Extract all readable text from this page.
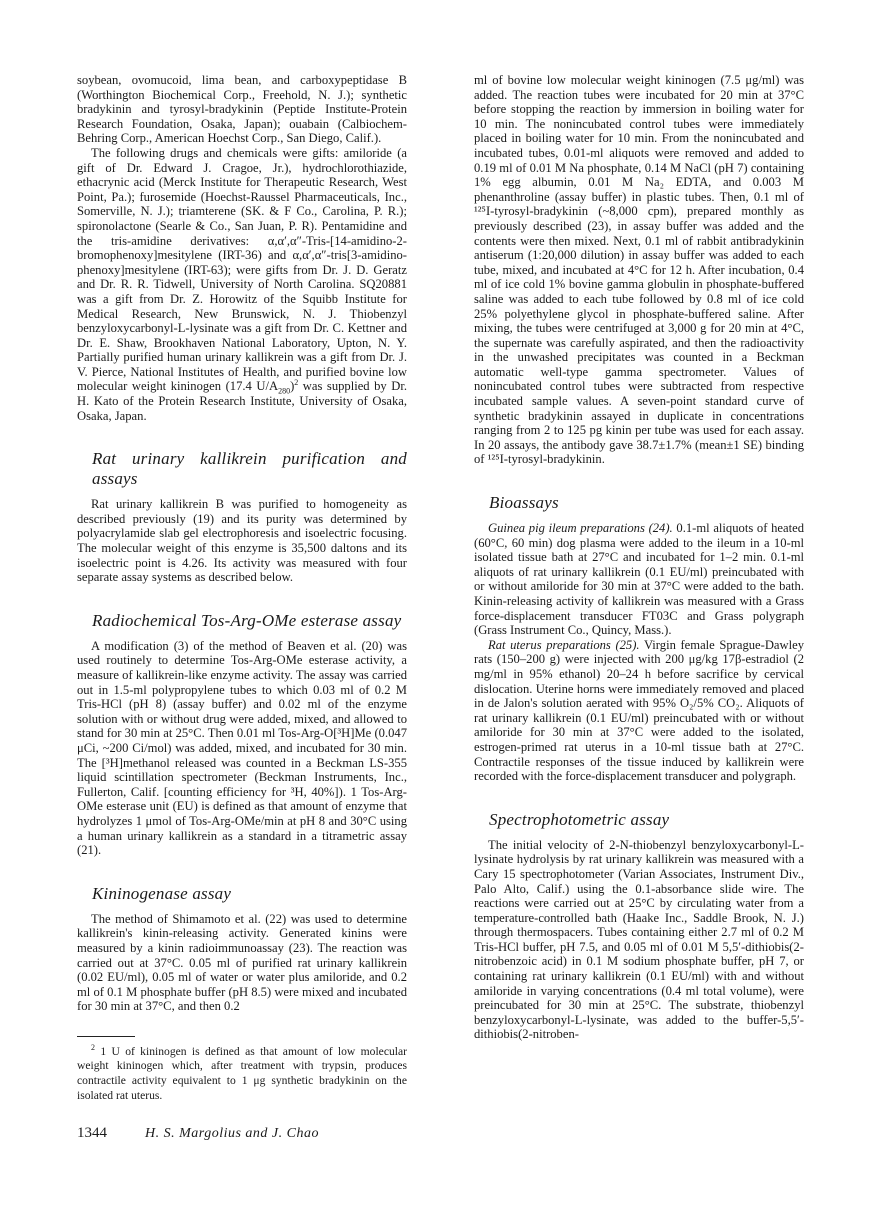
soybean, ovomucoid, lima bean, and carboxypeptidase B (Worthington Biochemical Corp., Freehold, N. J.); synthetic bradykinin and tyrosyl-bradykinin (Peptide Institute-Protein Research Foundation, Osaka, Japan); ouabain (Calbiochem-Behring Corp., American Hoechst Corp., San Diego, Calif.).

The following drugs and chemicals were gifts: amiloride (a gift of Dr. Edward J. Cragoe, Jr.), hydrochlorothiazide, ethacrynic acid (Merck Institute for Therapeutic Research, West Point, Pa.); furosemide (Hoechst-Raussel Pharmaceuticals, Inc., Somerville, N. J.); triamterene (SK. & F Co., Carolina, P. R.); spironolactone (Searle & Co., San Juan, P. R). Pentamidine and the tris-amidine derivatives: α,α′,α″-Tris-[14-amidino-2-bromophenoxy]mesitylene (IRT-36) and α,α′,α″-tris[3-amidino-phenoxy]mesitylene (IRT-63); were gifts from Dr. J. D. Geratz and Dr. R. R. Tidwell, University of North Carolina. SQ20881 was a gift from Dr. Z. Horowitz of the Squibb Institute for Medical Research, New Brunswick, N. J. Thiobenzyl benzyloxycarbonyl-L-lysinate was a gift from Dr. C. Kettner and Dr. E. Shaw, Brookhaven National Laboratory, Upton, N. Y. Partially purified human urinary kallikrein was a gift from Dr. J. V. Pierce, National Institutes of Health, and purified bovine low molecular weight kininogen (17.4 $U/A_{280})^2$ was supplied by Dr. H. Kato of the Protein Research Institute, University of Osaka, Osaka, Japan.

Rat urinary kallikrein purification and assays

Rat urinary kallikrein B was purified to homogeneity as described previously (19) and its purity was determined by polyacrylamide slab gel electrophoresis and isoelectric focusing. The molecular weight of this enzyme is 35,500 daltons and its isoelectric point is 4.26. Its activity was measured with four separate assay systems as described below.

Radiochemical Tos-Arg-OMe esterase assay

A modification (3) of the method of Beaven et al. (20) was used routinely to determine Tos-Arg-OMe esterase activity, a measure of kallikrein-like enzyme activity. The assay was carried out in 1.5-ml polypropylene tubes to which 0.03 ml of 0.2 M Tris-HCl (pH 8) (assay buffer) and 0.02 ml of the enzyme solution with or without drug were added, mixed, and allowed to stand for 30 min at 25°C. Then 0.01 ml Tos-Arg-O[³H]Me (0.047 μCi, ~200 Ci/mol) was added, mixed, and incubated for 30 min. The [³H]methanol released was counted in a Beckman LS-355 liquid scintillation spectrometer (Beckman Instruments, Inc., Fullerton, Calif. [counting efficiency for ³H, 40%]). 1 Tos-Arg-OMe esterase unit (EU) is defined as that amount of enzyme that hydrolyzes 1 μmol of Tos-Arg-OMe/min at pH 8 and 30°C using a human urinary kallikrein as a standard in a titrametric assay (21).

Kininogenase assay

The method of Shimamoto et al. (22) was used to determine kallikrein's kinin-releasing activity. Generated kinins were measured by a kinin radioimmunoassay (23). The reaction was carried out at 37°C. 0.05 ml of purified rat urinary kallikrein (0.02 EU/ml), 0.05 ml of water or water plus amiloride, and 0.2 ml of 0.1 M phosphate buffer (pH 8.5) were mixed and incubated for 30 min at 37°C, and then 0.2

$^2$ 1 U of kininogen is defined as that amount of low molecular weight kininogen which, after treatment with trypsin, produces contractile activity equivalent to 1 μg synthetic bradykinin on the isolated rat uterus.

ml of bovine low molecular weight kininogen (7.5 μg/ml) was added. The reaction tubes were incubated for 20 min at 37°C before stopping the reaction by immersion in boiling water for 10 min. The nonincubated control tubes were immediately placed in boiling water for 10 min. From the nonincubated and incubated tubes, 0.01-ml aliquots were removed and added to 0.19 ml of 0.01 M Na phosphate, 0.14 M NaCl (pH 7) containing 1% egg albumin, 0.01 M Na₂ EDTA, and 0.003 M phenanthroline (assay buffer) in plastic tubes. Then, 0.1 ml of ¹²⁵I-tyrosyl-bradykinin (~8,000 cpm), prepared monthly as previously described (23), in assay buffer was added and the contents were then mixed. Next, 0.1 ml of rabbit antibradykinin antiserum (1:20,000 dilution) in assay buffer was added to each tube, mixed, and incubated at 4°C for 12 h. After incubation, 0.4 ml of ice cold 1% bovine gamma globulin in phosphate-buffered saline was added to each tube followed by 0.8 ml of ice cold 25% polyethylene glycol in phosphate-buffered saline. After mixing, the tubes were centrifuged at 3,000 g for 20 min at 4°C, the supernate was carefully aspirated, and then the radioactivity in the unwashed precipitates was counted in a Beckman automatic well-type gamma spectrometer. Values of nonincubated control tubes were subtracted from respective incubated sample values. A seven-point standard curve of synthetic bradykinin assayed in duplicate in concentrations ranging from 2 to 125 pg kinin per tube was used for each assay. In 20 assays, the antibody gave 38.7±1.7% (mean±1 SE) binding of ¹²⁵I-tyrosyl-bradykinin.

Bioassays

Guinea pig ileum preparations (24). 0.1-ml aliquots of heated (60°C, 60 min) dog plasma were added to the ileum in a 10-ml isolated tissue bath at 27°C and incubated for 1–2 min. 0.1-ml aliquots of rat urinary kallikrein (0.1 EU/ml) preincubated with or without amiloride for 30 min at 37°C were added to the bath. Kinin-releasing activity of kallikrein was measured with a Grass force-displacement transducer FT03C and Grass polygraph (Grass Instrument Co., Quincy, Mass.).

Rat uterus preparations (25). Virgin female Sprague-Dawley rats (150–200 g) were injected with 200 μg/kg 17β-estradiol (2 mg/ml in 95% ethanol) 20–24 h before sacrifice by cervical dislocation. Uterine horns were immediately removed and placed in de Jalon's solution aerated with 95% O₂/5% CO₂. Aliquots of rat urinary kallikrein (0.1 EU/ml) preincubated with or without amiloride for 30 min at 37°C were added to the isolated, estrogen-primed rat uterus in a 10-ml tissue bath at 27°C. Contractile responses of the tissue induced by kallikrein were recorded with the force-displacement transducer and polygraph.

Spectrophotometric assay

The initial velocity of 2-N-thiobenzyl benzyloxycarbonyl-L-lysinate hydrolysis by rat urinary kallikrein was measured with a Cary 15 spectrophotometer (Varian Associates, Instrument Div., Palo Alto, Calif.) using the 0.1-absorbance slide wire. The reactions were carried out at 25°C by circulating water from a temperature-controlled bath (Haake Inc., Saddle Brook, N. J.) through thermospacers. Tubes containing either 2.7 ml of 0.2 M Tris-HCl buffer, pH 7.5, and 0.05 ml of 0.01 M 5,5′-dithiobis(2-nitrobenzoic acid) in 0.1 M sodium phosphate buffer, pH 7, or containing rat urinary kallikrein (0.1 EU/ml) with and without amiloride in varying concentrations (0.4 ml total volume), were preincubated for 30 min at 25°C. The substrate, thiobenzyl benzyloxycarbonyl-L-lysinate, was added to the buffer-5,5′-dithiobis(2-nitroben-

1344	H. S. Margolius and J. Chao
